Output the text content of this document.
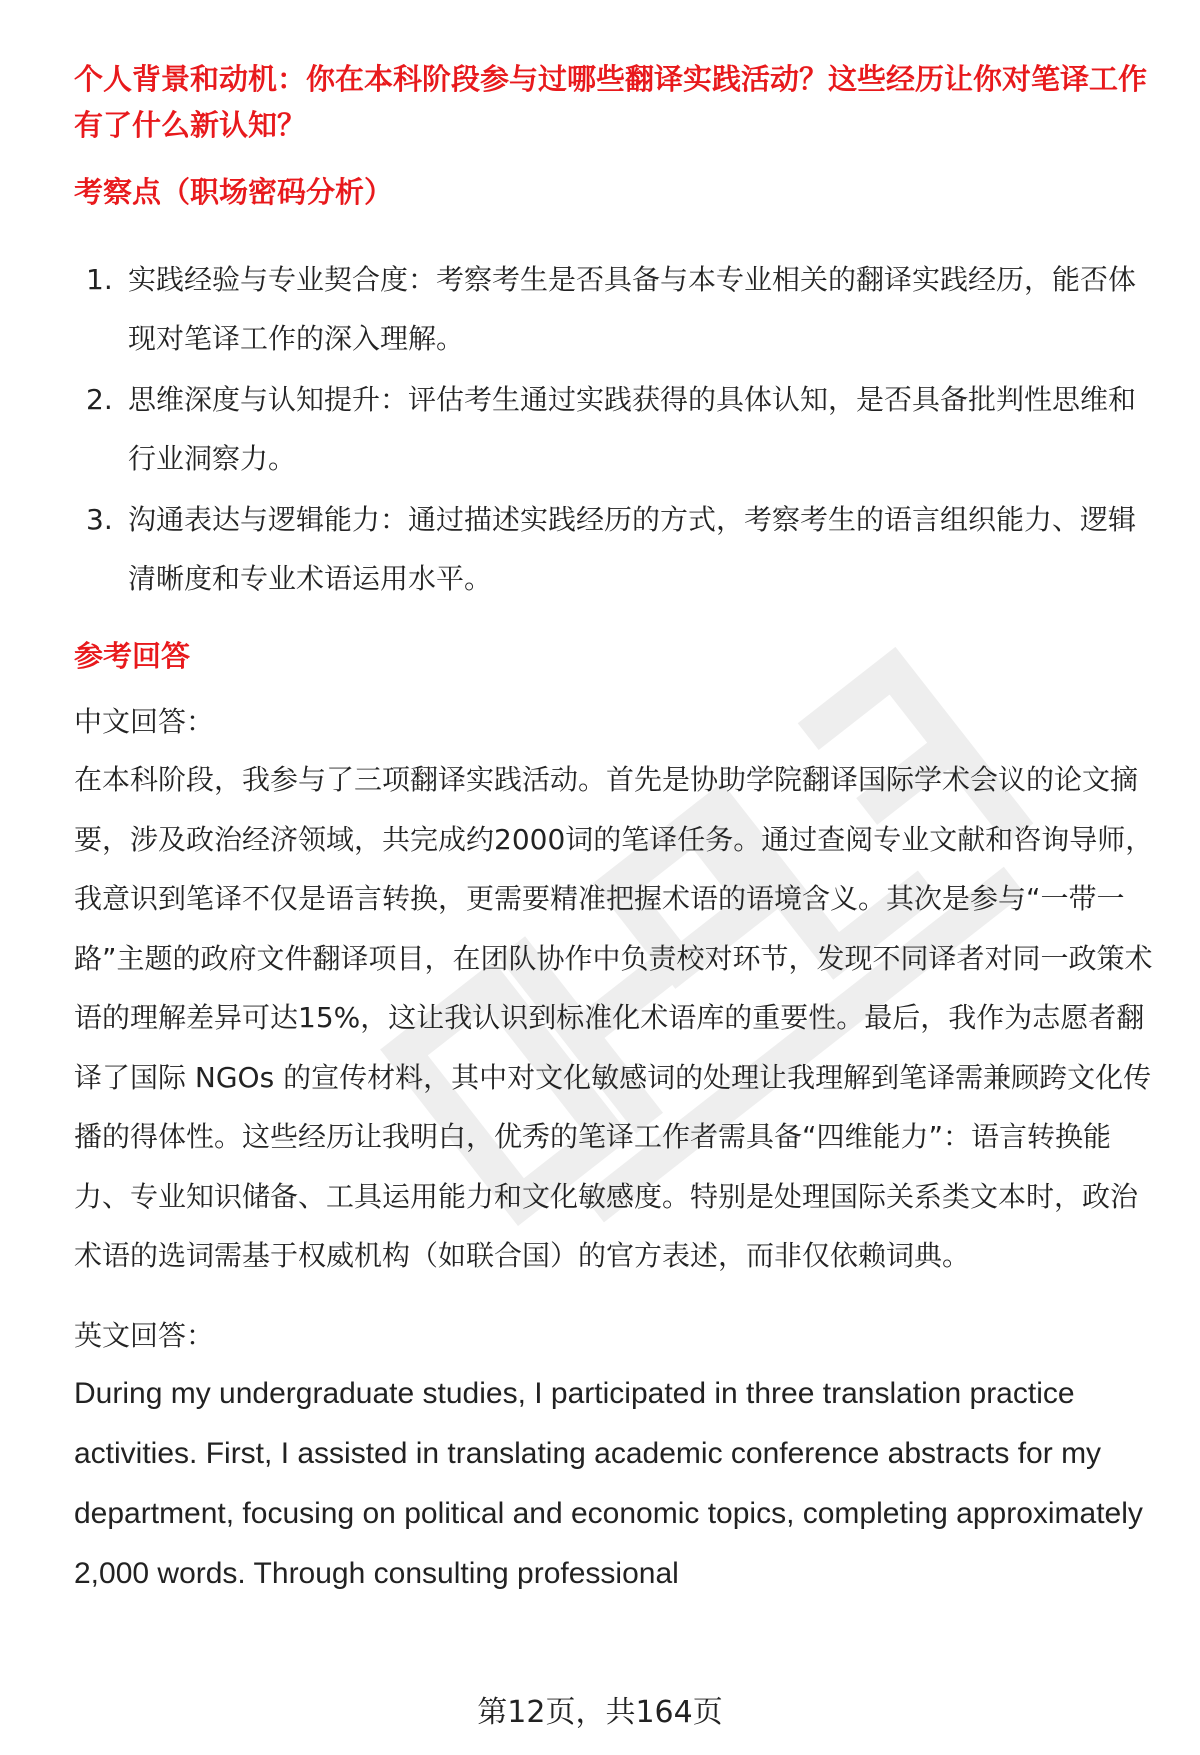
个人背景和动机：你在本科阶段参与过哪些翻译实践活动？这些经历让你对笔译工作有了什么新认知？

考察点（职场密码分析）

1. 实践经验与专业契合度：考察考生是否具备与本专业相关的翻译实践经历，能否体现对笔译工作的深入理解。
2. 思维深度与认知提升：评估考生通过实践获得的具体认知，是否具备批判性思维和行业洞察力。
3. 沟通表达与逻辑能力：通过描述实践经历的方式，考察考生的语言组织能力、逻辑清晰度和专业术语运用水平。

参考回答

中文回答：

在本科阶段，我参与了三项翻译实践活动。首先是协助学院翻译国际学术会议的论文摘要，涉及政治经济领域，共完成约2000词的笔译任务。通过查阅专业文献和咨询导师，我意识到笔译不仅是语言转换，更需要精准把握术语的语境含义。其次是参与“一带一路”主题的政府文件翻译项目，在团队协作中负责校对环节，发现不同译者对同一政策术语的理解差异可达15%，这让我认识到标准化术语库的重要性。最后，我作为志愿者翻译了国际 NGOs 的宣传材料，其中对文化敏感词的处理让我理解到笔译需兼顾跨文化传播的得体性。这些经历让我明白，优秀的笔译工作者需具备“四维能力”：语言转换能力、专业知识储备、工具运用能力和文化敏感度。特别是处理国际关系类文本时，政治术语的选词需基于权威机构（如联合国）的官方表述，而非仅依赖词典。

英文回答：

During my undergraduate studies, I participated in three translation practice activities. First, I assisted in translating academic conference abstracts for my department, focusing on political and economic topics, completing approximately 2,000 words. Through consulting professional

第12页，共164页
